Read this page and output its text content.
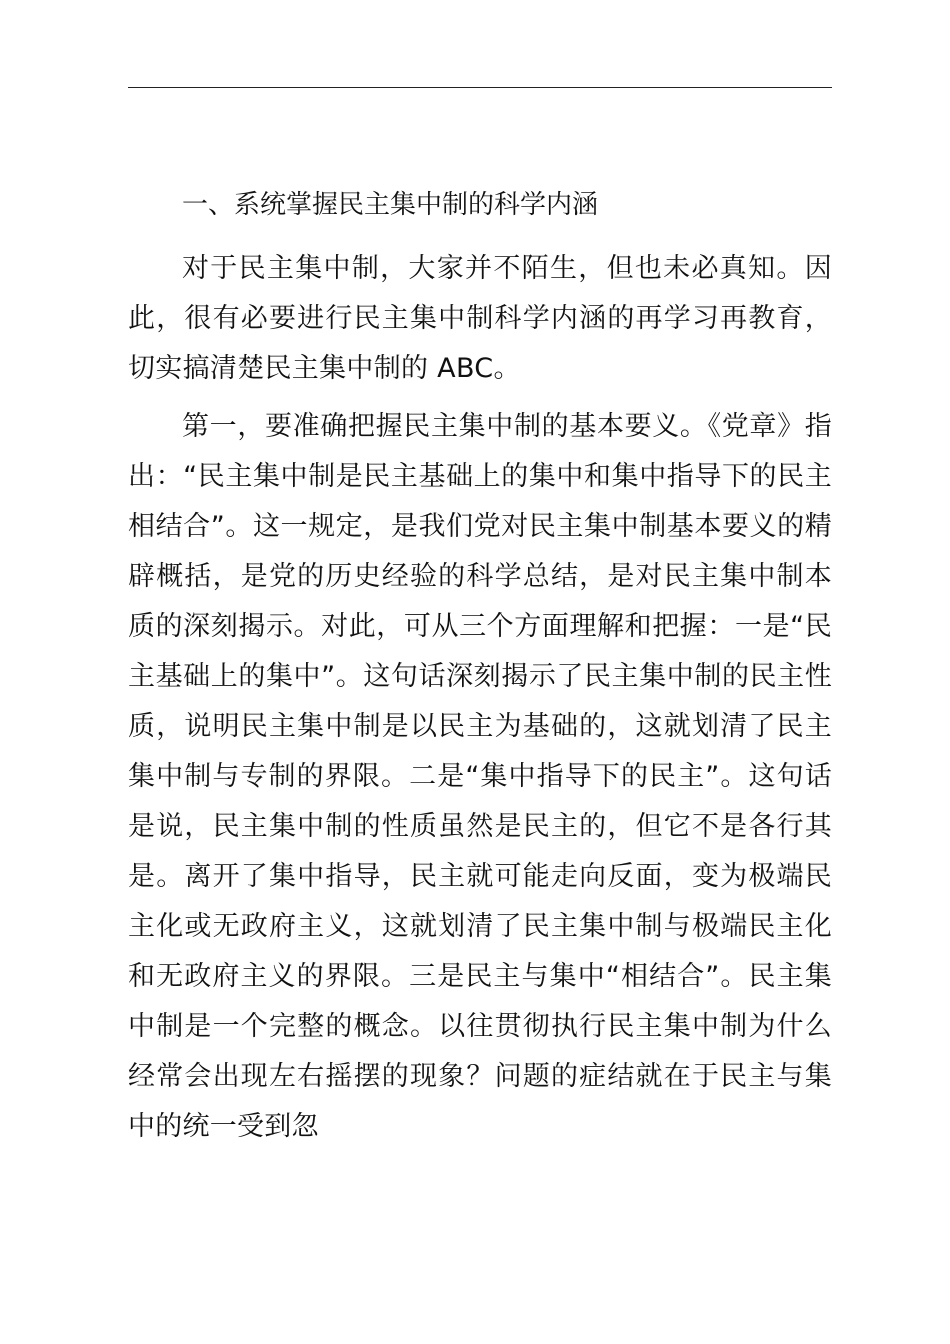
一、系统掌握民主集中制的科学内涵

对于民主集中制，大家并不陌生，但也未必真知。因此，很有必要进行民主集中制科学内涵的再学习再教育，切实搞清楚民主集中制的 ABC。

第一，要准确把握民主集中制的基本要义。《党章》指出：“民主集中制是民主基础上的集中和集中指导下的民主相结合”。这一规定，是我们党对民主集中制基本要义的精辟概括，是党的历史经验的科学总结，是对民主集中制本质的深刻揭示。对此，可从三个方面理解和把握：一是“民主基础上的集中”。这句话深刻揭示了民主集中制的民主性质，说明民主集中制是以民主为基础的，这就划清了民主集中制与专制的界限。二是“集中指导下的民主”。这句话是说，民主集中制的性质虽然是民主的，但它不是各行其是。离开了集中指导，民主就可能走向反面，变为极端民主化或无政府主义，这就划清了民主集中制与极端民主化和无政府主义的界限。三是民主与集中“相结合”。民主集中制是一个完整的概念。以往贯彻执行民主集中制为什么经常会出现左右摇摆的现象？问题的症结就在于民主与集中的统一受到忽
